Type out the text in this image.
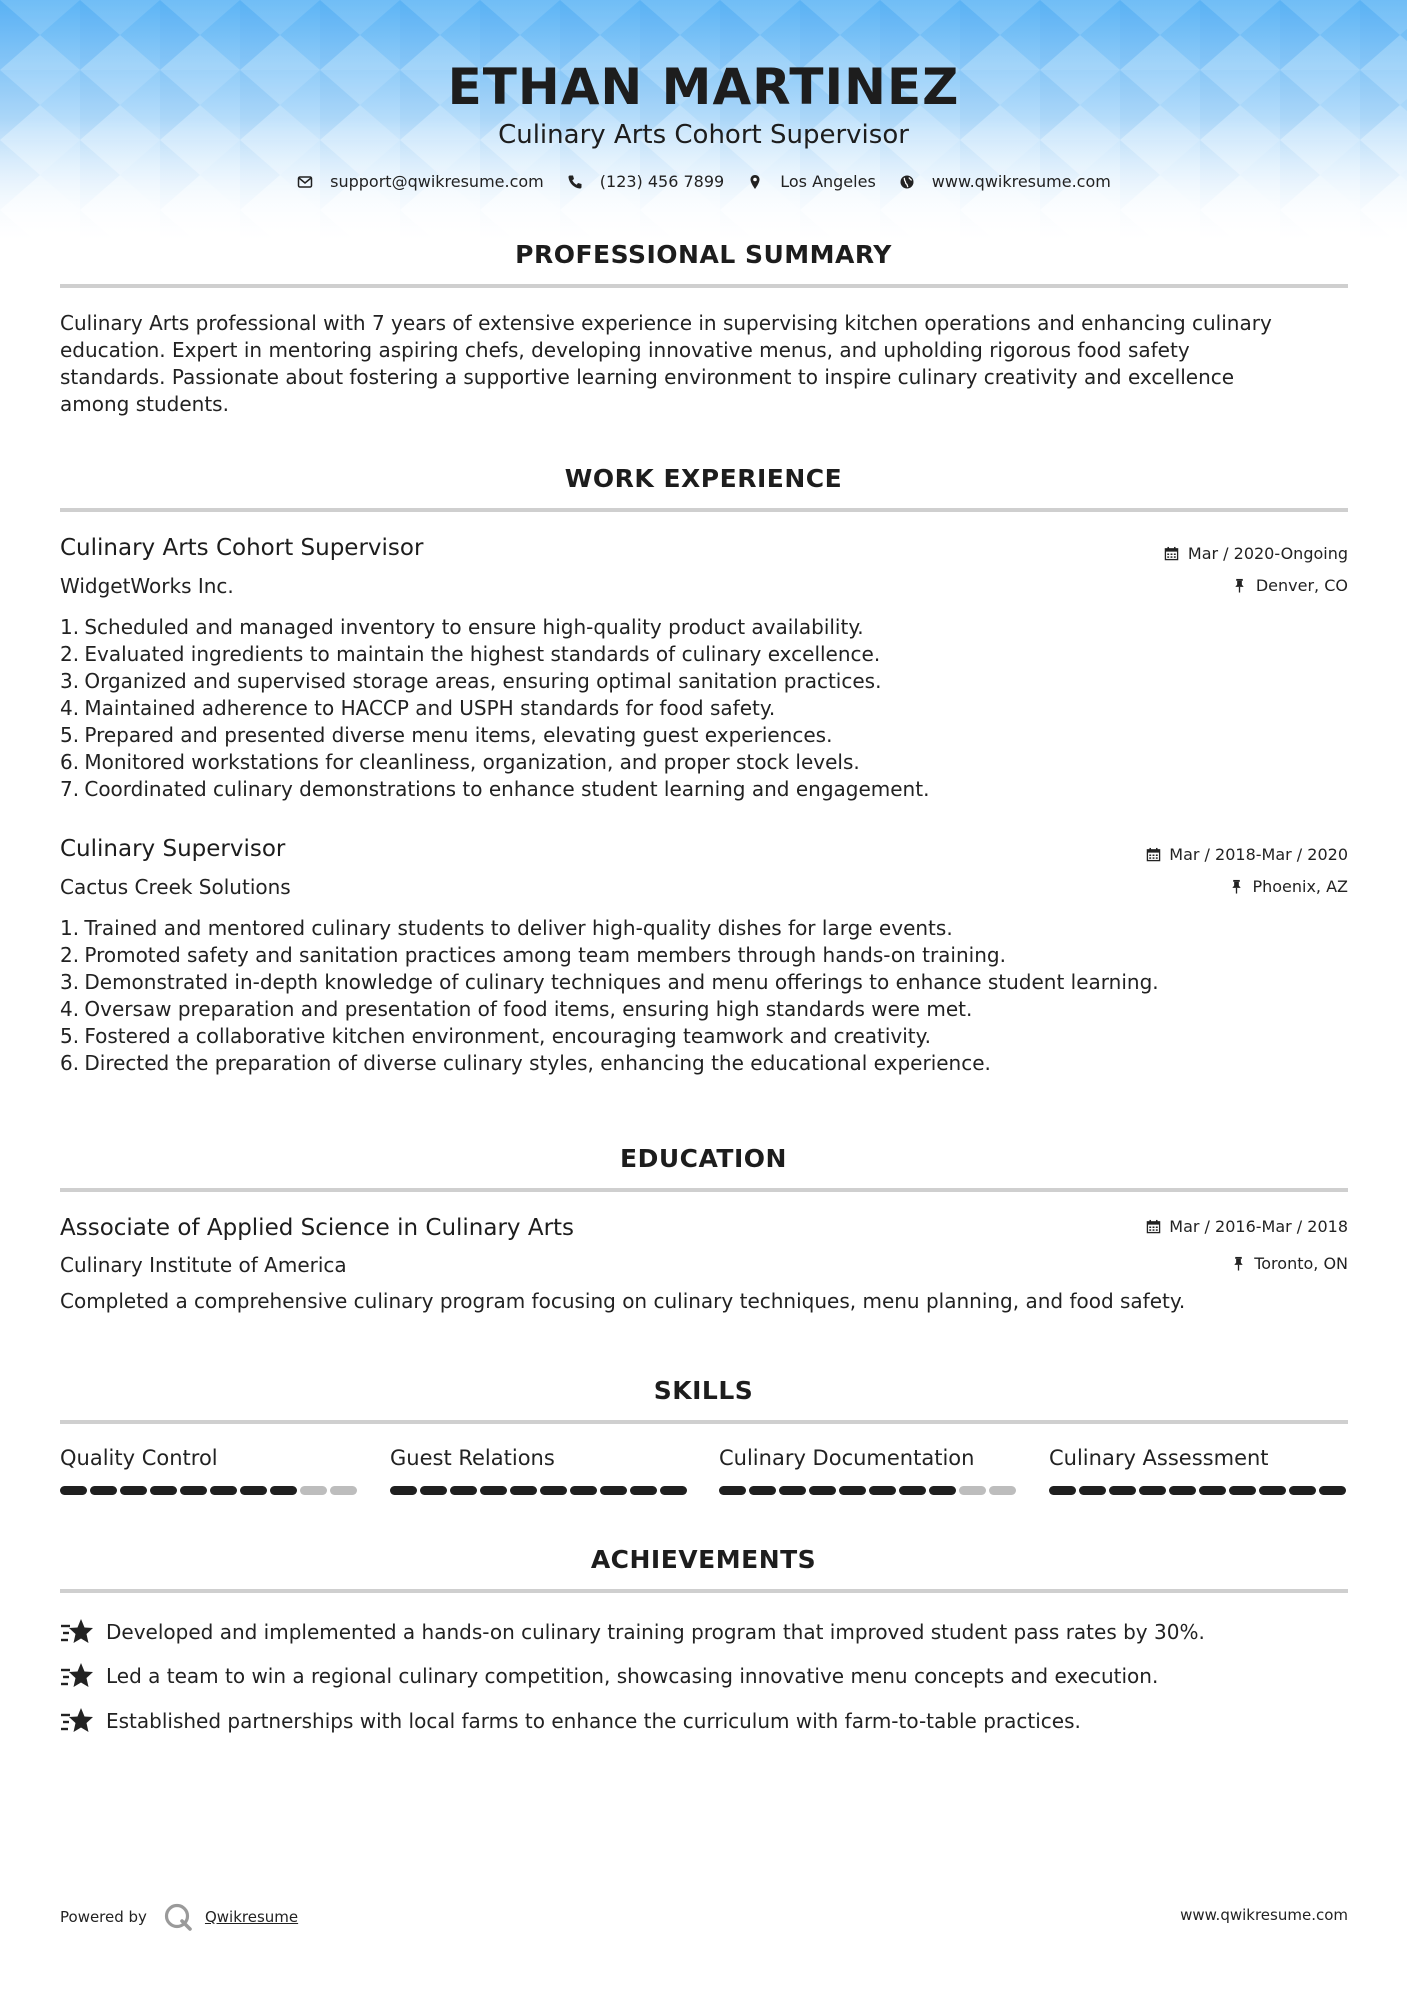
ETHAN MARTINEZ
Culinary Arts Cohort Supervisor
support@qwikresume.com	(123) 456 7899	Los Angeles	www.qwikresume.com
PROFESSIONAL SUMMARY
Culinary Arts professional with 7 years of extensive experience in supervising kitchen operations and enhancing culinary
education. Expert in mentoring aspiring chefs, developing innovative menus, and upholding rigorous food safety
standards. Passionate about fostering a supportive learning environment to inspire culinary creativity and excellence
among students.
WORK EXPERIENCE
Culinary Arts Cohort Supervisor	Mar / 2020-Ongoing
WidgetWorks Inc.	Denver, CO
1. Scheduled and managed inventory to ensure high-quality product availability.
2. Evaluated ingredients to maintain the highest standards of culinary excellence.
3. Organized and supervised storage areas, ensuring optimal sanitation practices.
4. Maintained adherence to HACCP and USPH standards for food safety.
5. Prepared and presented diverse menu items, elevating guest experiences.
6. Monitored workstations for cleanliness, organization, and proper stock levels.
7. Coordinated culinary demonstrations to enhance student learning and engagement.
Culinary Supervisor	Mar / 2018-Mar / 2020
Cactus Creek Solutions	Phoenix, AZ
1. Trained and mentored culinary students to deliver high-quality dishes for large events.
2. Promoted safety and sanitation practices among team members through hands-on training.
3. Demonstrated in-depth knowledge of culinary techniques and menu offerings to enhance student learning.
4. Oversaw preparation and presentation of food items, ensuring high standards were met.
5. Fostered a collaborative kitchen environment, encouraging teamwork and creativity.
6. Directed the preparation of diverse culinary styles, enhancing the educational experience.
EDUCATION
Associate of Applied Science in Culinary Arts	Mar / 2016-Mar / 2018
Culinary Institute of America	Toronto, ON
Completed a comprehensive culinary program focusing on culinary techniques, menu planning, and food safety.
SKILLS
Quality Control	Guest Relations	Culinary Documentation	Culinary Assessment
ACHIEVEMENTS
Developed and implemented a hands-on culinary training program that improved student pass rates by 30%.
Led a team to win a regional culinary competition, showcasing innovative menu concepts and execution.
Established partnerships with local farms to enhance the curriculum with farm-to-table practices.
Powered by	Qwikresume	www.qwikresume.com
